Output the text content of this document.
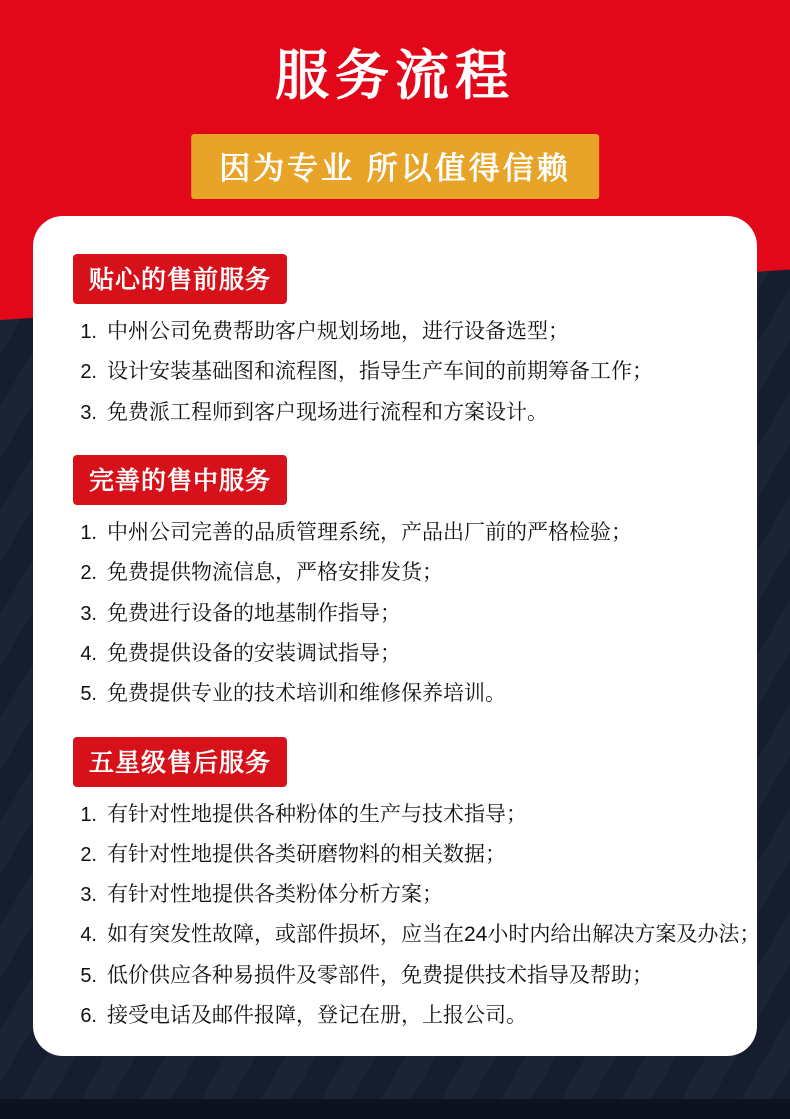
服务流程
因为专业 所以值得信赖
贴心的售前服务
1. 中州公司免费帮助客户规划场地，进行设备选型；
2. 设计安装基础图和流程图，指导生产车间的前期筹备工作；
3. 免费派工程师到客户现场进行流程和方案设计。
完善的售中服务
1. 中州公司完善的品质管理系统，产品出厂前的严格检验；
2. 免费提供物流信息，严格安排发货；
3. 免费进行设备的地基制作指导；
4. 免费提供设备的安装调试指导；
5. 免费提供专业的技术培训和维修保养培训。
五星级售后服务
1. 有针对性地提供各种粉体的生产与技术指导；
2. 有针对性地提供各类研磨物料的相关数据；
3. 有针对性地提供各类粉体分析方案；
4. 如有突发性故障，或部件损坏，应当在24小时内给出解决方案及办法；
5. 低价供应各种易损件及零部件，免费提供技术指导及帮助；
6. 接受电话及邮件报障，登记在册，上报公司。
